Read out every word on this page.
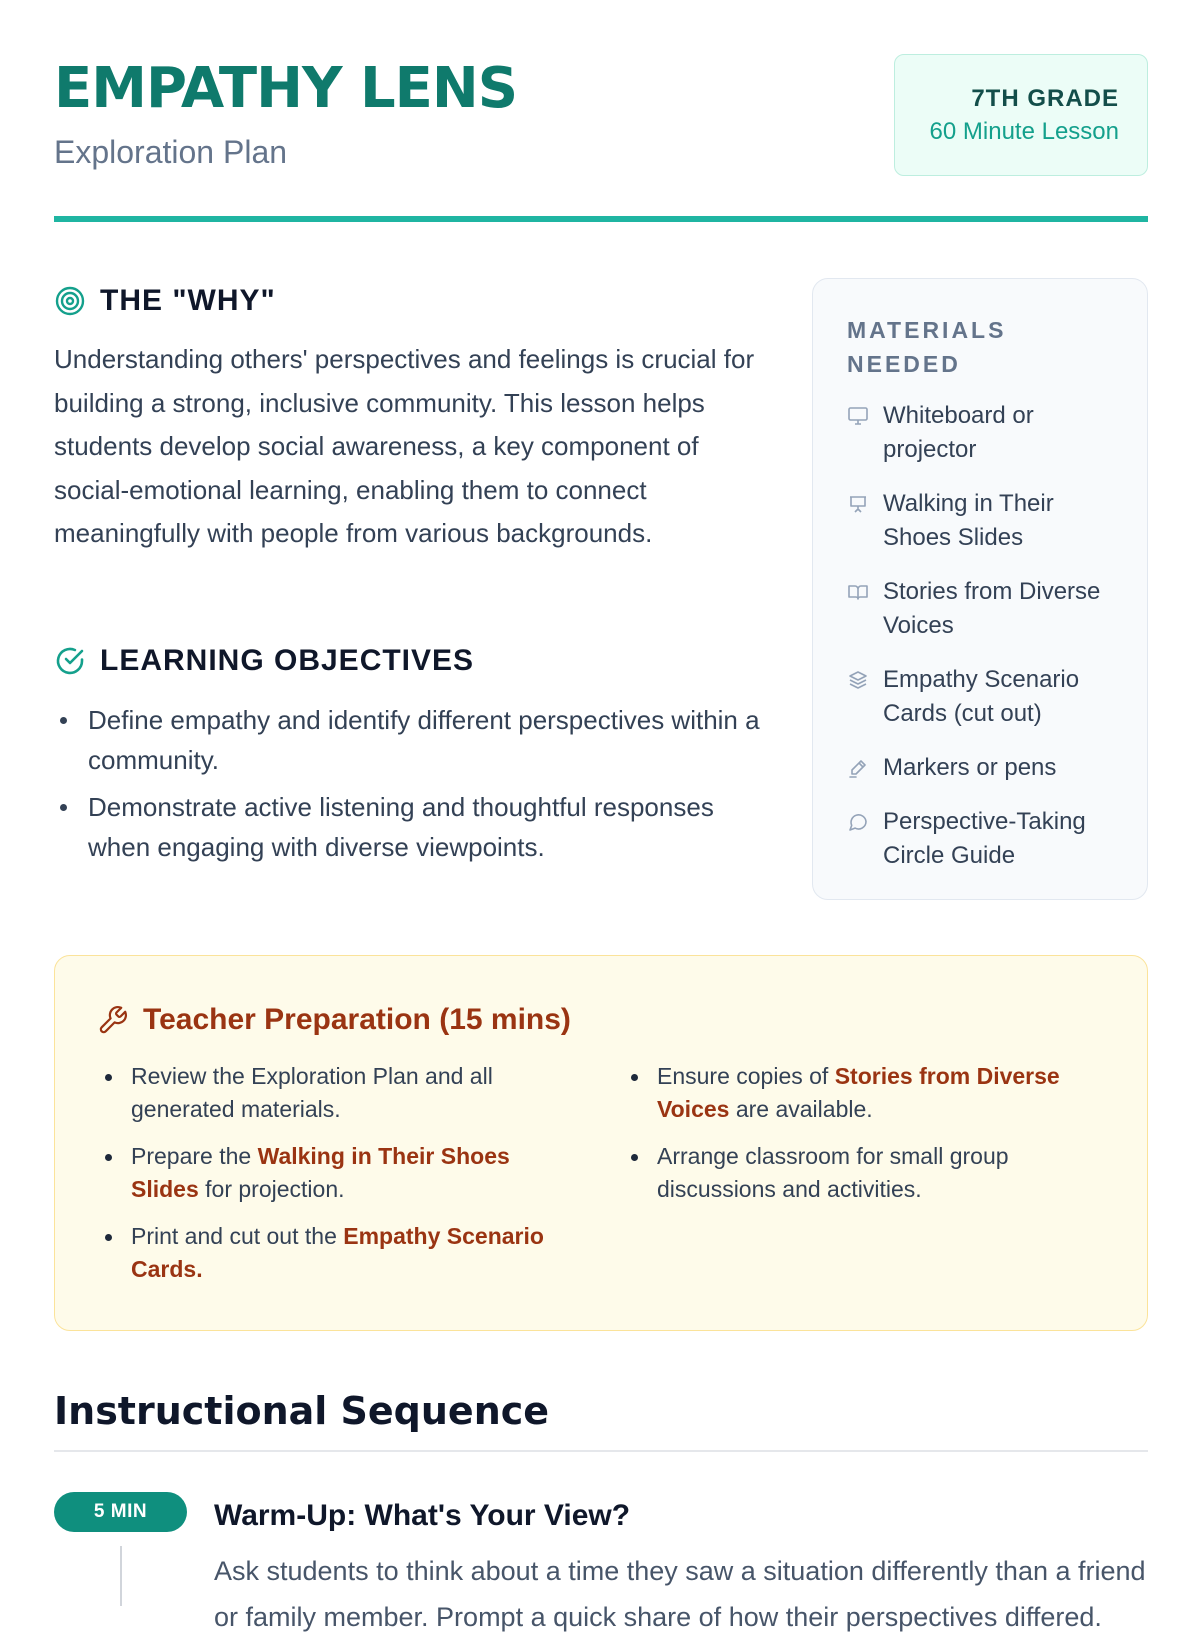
EMPATHY LENS
Exploration Plan
7TH GRADE
60 Minute Lesson
THE "WHY"

Understanding others' perspectives and feelings is crucial for building a strong, inclusive community. This lesson helps students develop social awareness, a key component of social-emotional learning, enabling them to connect meaningfully with people from various backgrounds.

LEARNING OBJECTIVES
Define empathy and identify different perspectives within a community.
Demonstrate active listening and thoughtful responses when engaging with diverse viewpoints.
MATERIALS NEEDED
Whiteboard or projector
Walking in Their Shoes Slides
Stories from Diverse Voices
Empathy Scenario Cards (cut out)
Markers or pens
Perspective-Taking Circle Guide
Teacher Preparation (15 mins)
Review the Exploration Plan and all generated materials.
Prepare the Walking in Their Shoes Slides for projection.
Print and cut out the Empathy Scenario Cards.
Ensure copies of Stories from Diverse Voices are available.
Arrange classroom for small group discussions and activities.
Instructional Sequence
5 MIN	Warm-Up: What's Your View?

Ask students to think about a time they saw a situation differently than a friend or family member. Prompt a quick share of how their perspectives differed.
